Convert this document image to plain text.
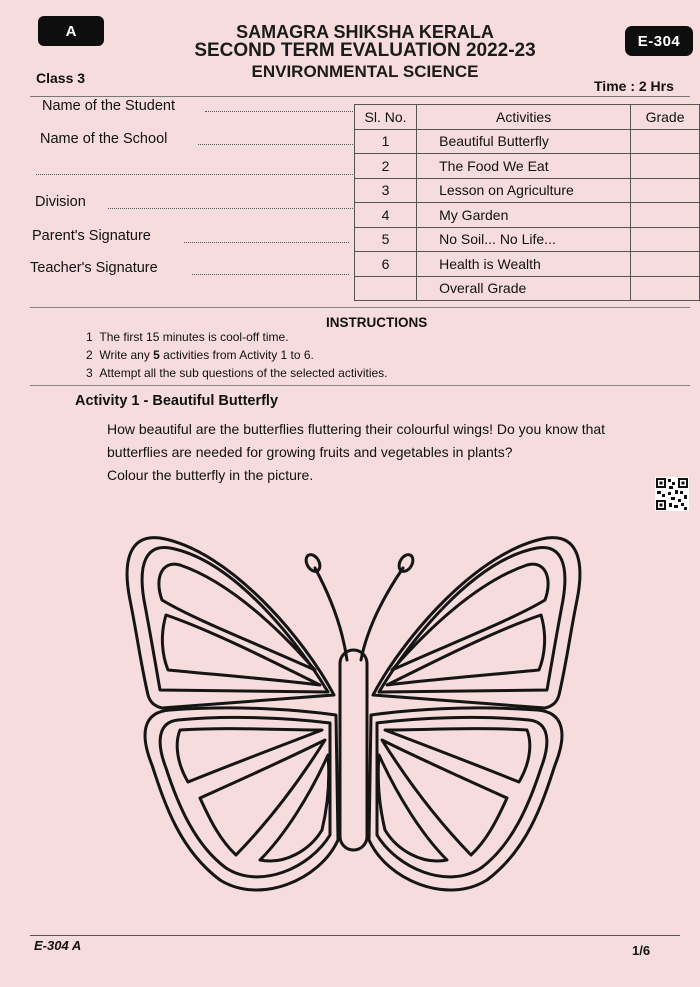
A	SAMAGRA SHIKSHA KERALA
SECOND TERM EVALUATION 2022-23
ENVIRONMENTAL SCIENCE
E-304
Class 3	Time : 2 Hrs
Name of the Student
Name of the School
Division
Parent's Signature
Teacher's Signature
Sl. No.	Activities	Grade
1	Beautiful Butterfly	
2	The Food We Eat	
3	Lesson on Agriculture	
4	My Garden	
5	No Soil... No Life...	
6	Health is Wealth	
	Overall Grade	
INSTRUCTIONS
1 The first 15 minutes is cool-off time.
2 Write any 5 activities from Activity 1 to 6.
3 Attempt all the sub questions of the selected activities.
Activity 1 - Beautiful Butterfly
How beautiful are the butterflies fluttering their colourful wings! Do you know that
butterflies are needed for growing fruits and vegetables in plants?
Colour the butterfly in the picture.
E-304 A	1/6
